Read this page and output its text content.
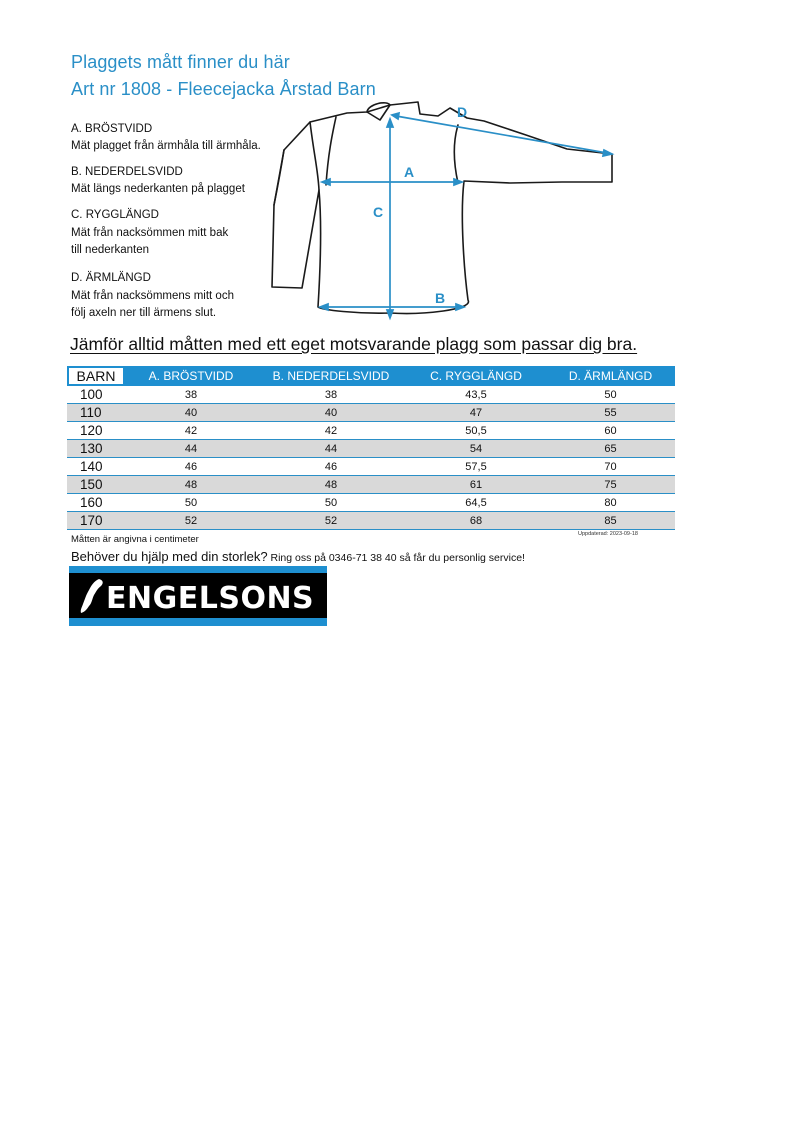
Plaggets mått finner du här
Art nr 1808 - Fleecejacka Årstad Barn
A. BRÖSTVIDD
Mät plagget från ärmhåla till ärmhåla.
B. NEDERDELSVIDD
Mät längs nederkanten på plagget
C. RYGGLÄNGD
Mät från nacksömmen mitt bak
till nederkanten
D. ÄRMLÄNGD
Mät från nacksömmens mitt och
följ axeln ner till ärmens slut.
A
B
C
D
Jämför alltid måtten med ett eget motsvarande plagg som passar dig bra.
BARN	A. BRÖSTVIDD	B. NEDERDELSVIDD	C. RYGGLÄNGD	D. ÄRMLÄNGD
100	38	38	43,5	50
110	40	40	47	55
120	42	42	50,5	60
130	44	44	54	65
140	46	46	57,5	70
150	48	48	61	75
160	50	50	64,5	80
170	52	52	68	85
Måtten är angivna i centimeter	Uppdaterad: 2023-09-18
Behöver du hjälp med din storlek? Ring oss på 0346-71 38 40 så får du personlig service!
ENGELSONS
